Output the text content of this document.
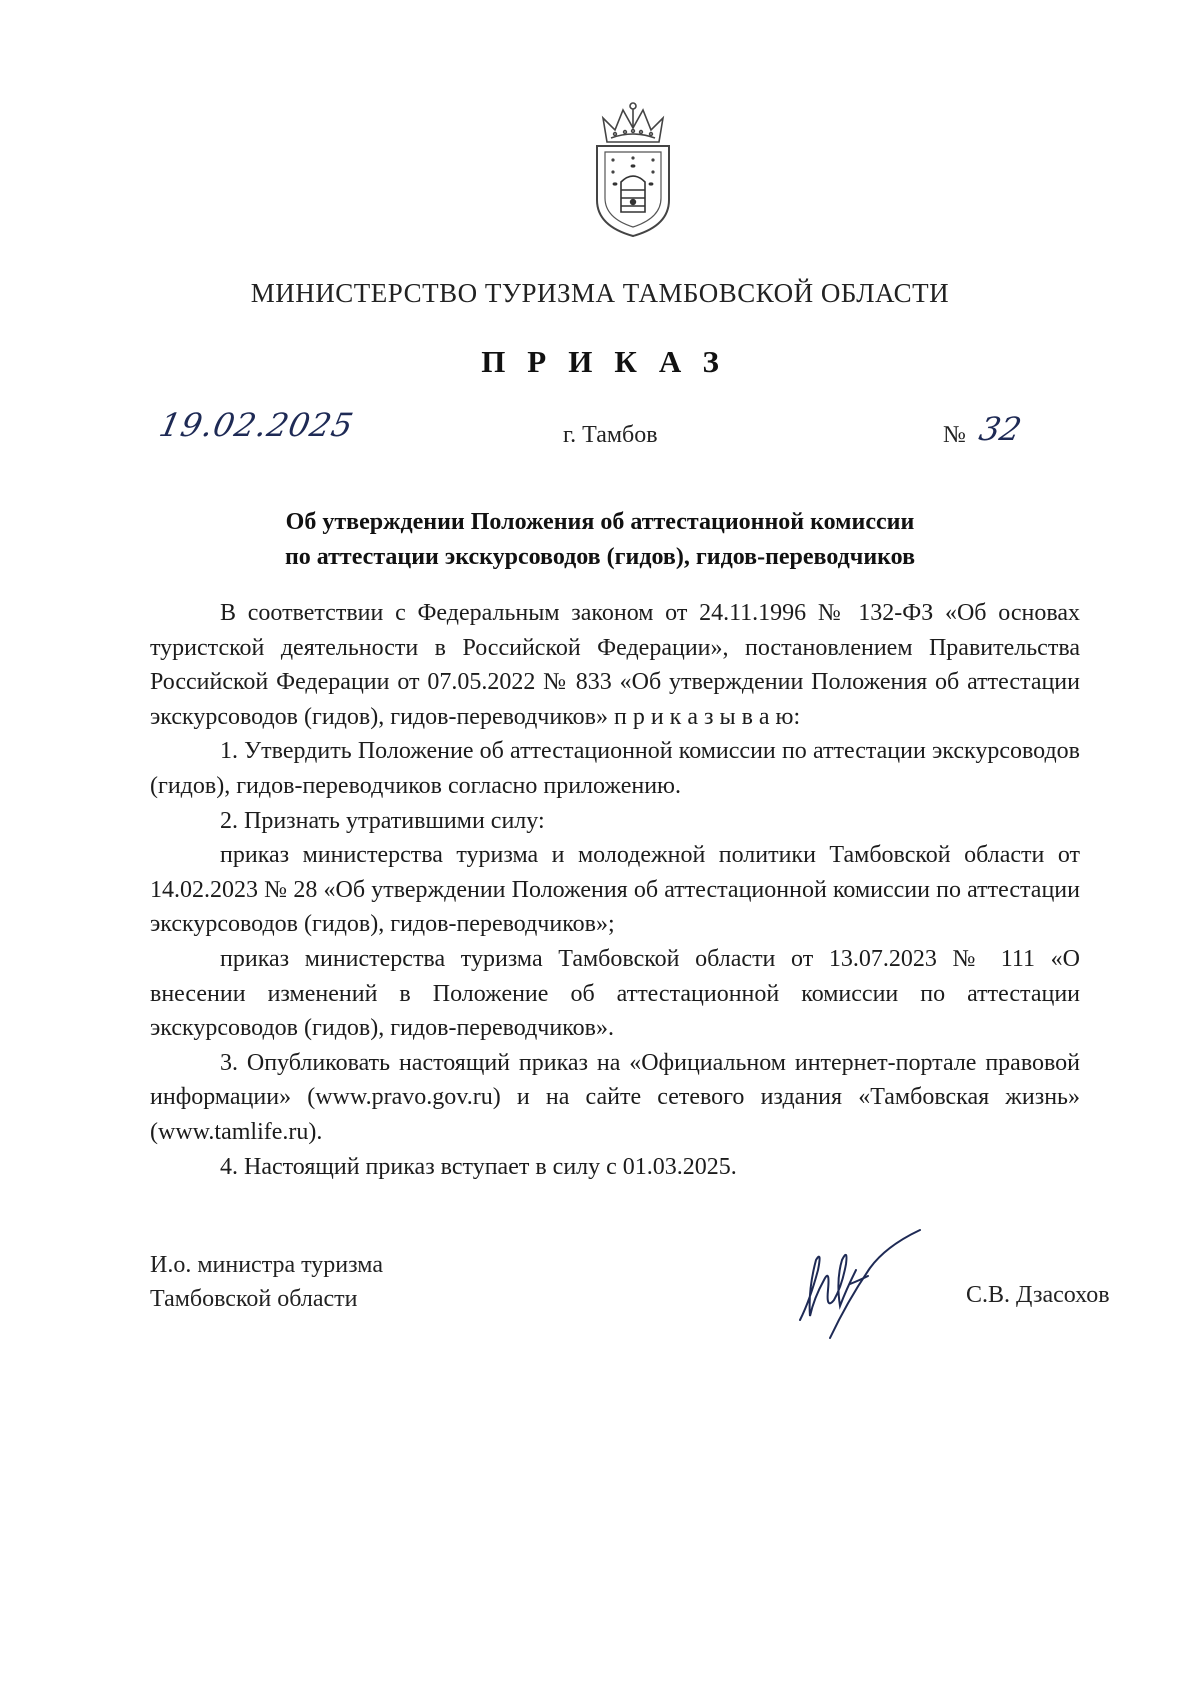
МИНИСТЕРСТВО ТУРИЗМА ТАМБОВСКОЙ ОБЛАСТИ
ПРИКАЗ
19.02.2025	г. Тамбов	№ 32
Об утверждении Положения об аттестационной комиссии
по аттестации экскурсоводов (гидов), гидов-переводчиков

В соответствии с Федеральным законом от 24.11.1996 № 132-ФЗ «Об основах туристской деятельности в Российской Федерации», постановлением Правительства Российской Федерации от 07.05.2022 № 833 «Об утверждении Положения об аттестации экскурсоводов (гидов), гидов-переводчиков» п р и к а з ы в а ю:

1. Утвердить Положение об аттестационной комиссии по аттестации экскурсоводов (гидов), гидов-переводчиков согласно приложению.

2. Признать утратившими силу:

приказ министерства туризма и молодежной политики Тамбовской области от 14.02.2023 № 28 «Об утверждении Положения об аттестационной комиссии по аттестации экскурсоводов (гидов), гидов-переводчиков»;

приказ министерства туризма Тамбовской области от 13.07.2023 № 111 «О внесении изменений в Положение об аттестационной комиссии по аттестации экскурсоводов (гидов), гидов-переводчиков».

3. Опубликовать настоящий приказ на «Официальном интернет-портале правовой информации» (www.pravo.gov.ru) и на сайте сетевого издания «Тамбовская жизнь» (www.tamlife.ru).

4. Настоящий приказ вступает в силу с 01.03.2025.

И.о. министра туризма
Тамбовской области	С.В. Дзасохов
